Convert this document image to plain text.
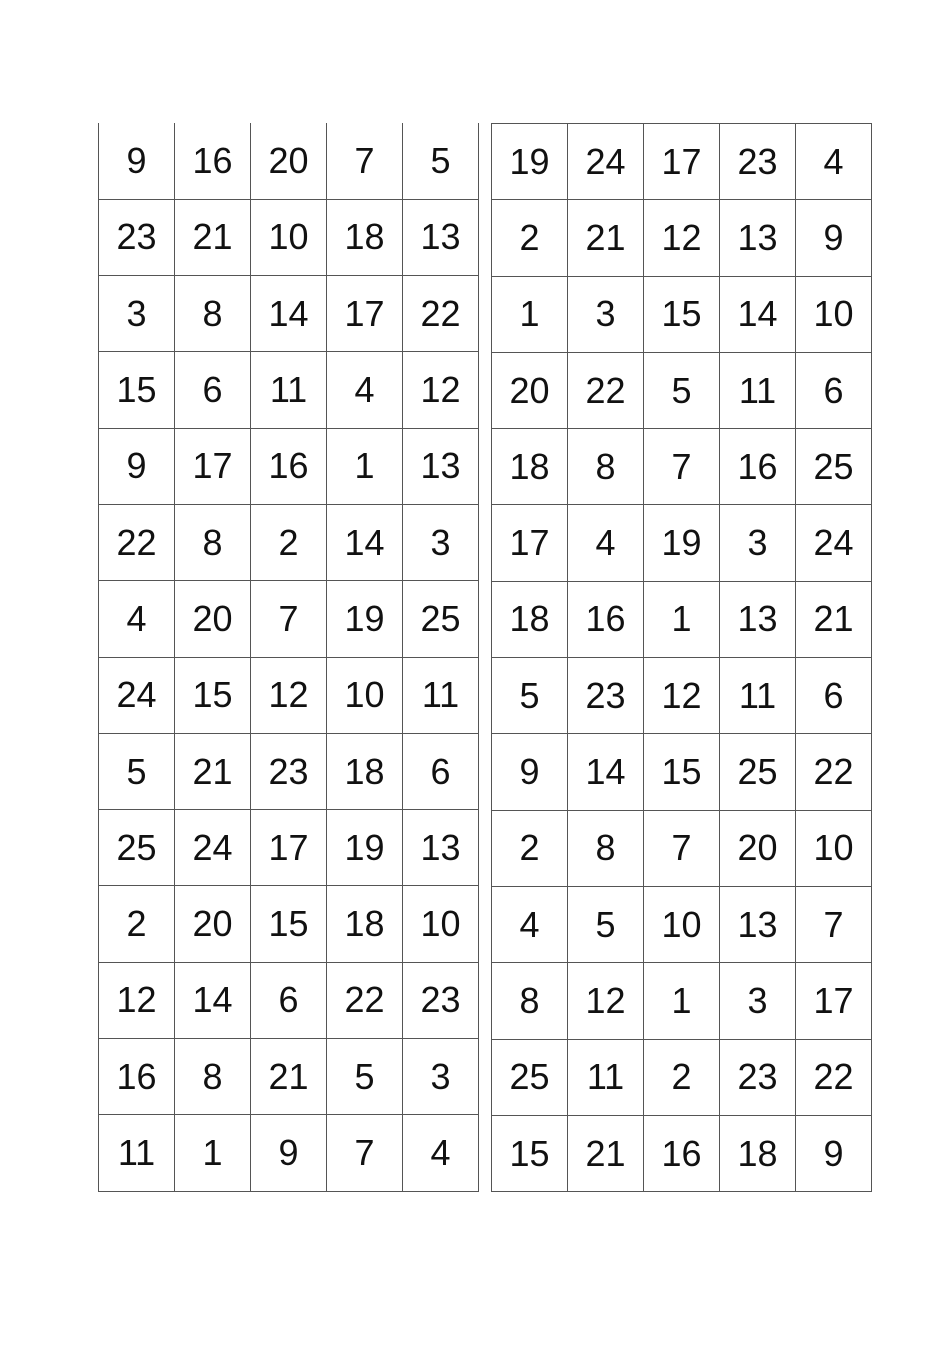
9	16	20	7	5
23	21	10	18	13
3	8	14	17	22
15	6	11	4	12
9	17	16	1	13
22	8	2	14	3
4	20	7	19	25
24	15	12	10	11
5	21	23	18	6
25	24	17	19	13
2	20	15	18	10
12	14	6	22	23
16	8	21	5	3
11	1	9	7	4
19	24	17	23	4
2	21	12	13	9
1	3	15	14	10
20	22	5	11	6
18	8	7	16	25
17	4	19	3	24
18	16	1	13	21
5	23	12	11	6
9	14	15	25	22
2	8	7	20	10
4	5	10	13	7
8	12	1	3	17
25	11	2	23	22
15	21	16	18	9
